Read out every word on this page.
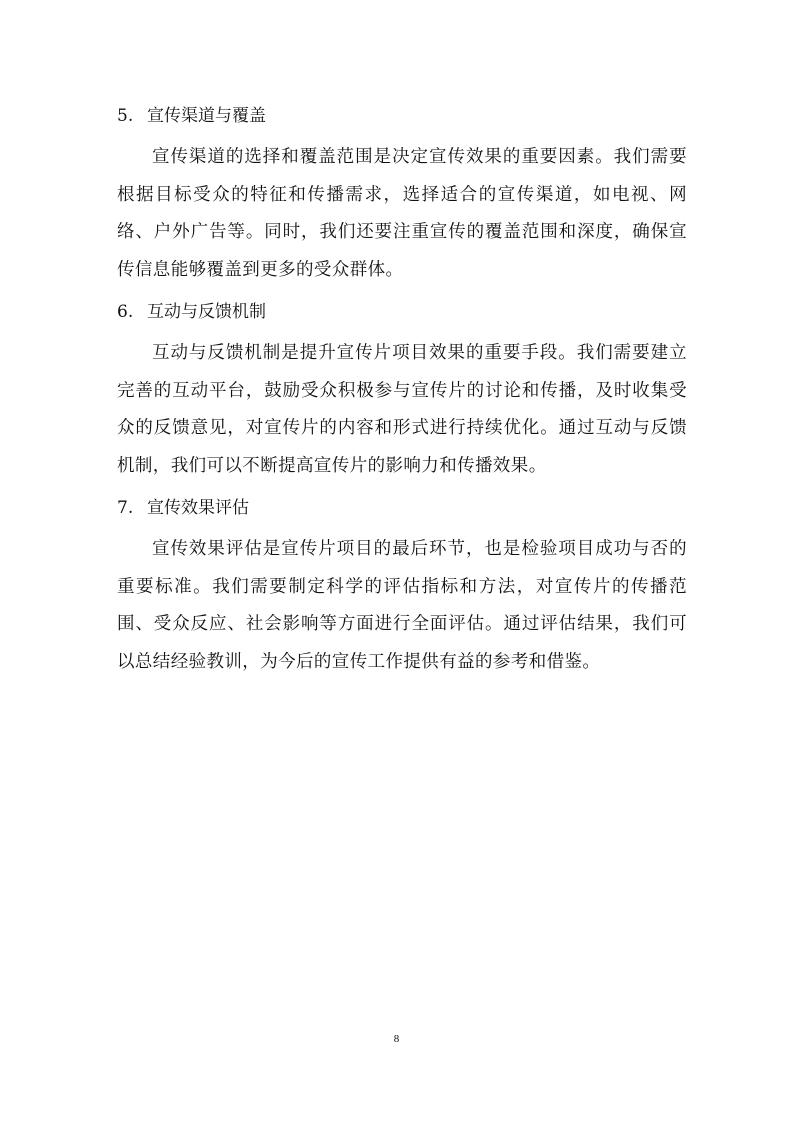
5. 宣传渠道与覆盖
宣传渠道的选择和覆盖范围是决定宣传效果的重要因素。我们需要根据目标受众的特征和传播需求，选择适合的宣传渠道，如电视、网络、户外广告等。同时，我们还要注重宣传的覆盖范围和深度，确保宣传信息能够覆盖到更多的受众群体。
6. 互动与反馈机制
互动与反馈机制是提升宣传片项目效果的重要手段。我们需要建立完善的互动平台，鼓励受众积极参与宣传片的讨论和传播，及时收集受众的反馈意见，对宣传片的内容和形式进行持续优化。通过互动与反馈机制，我们可以不断提高宣传片的影响力和传播效果。
7. 宣传效果评估
宣传效果评估是宣传片项目的最后环节，也是检验项目成功与否的重要标准。我们需要制定科学的评估指标和方法，对宣传片的传播范围、受众反应、社会影响等方面进行全面评估。通过评估结果，我们可以总结经验教训，为今后的宣传工作提供有益的参考和借鉴。
8
